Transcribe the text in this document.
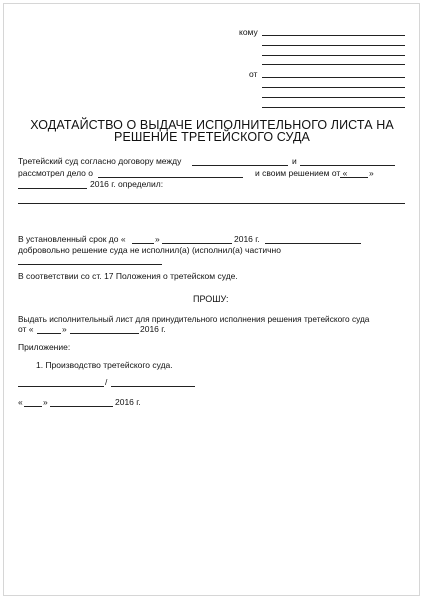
кому
от
ХОДАТАЙСТВО О ВЫДАЧЕ ИСПОЛНИТЕЛЬНОГО ЛИСТА НА
РЕШЕНИЕ ТРЕТЕЙСКОГО СУДА
Третейский суд согласно договору между	и
рассмотрел дело о	и своим решением от «	»
2016 г. определил:
В установленный срок до «	»	2016 г.
добровольно решение суда не исполнил(а) (исполнил(а) частично
В соответствии со ст. 17 Положения о третейском суде.
ПРОШУ:
Выдать исполнительный лист для принудительного исполнения решения третейского суда
от «	»	2016 г.
Приложение:
1. Производство третейского суда.
/
« »	2016 г.
